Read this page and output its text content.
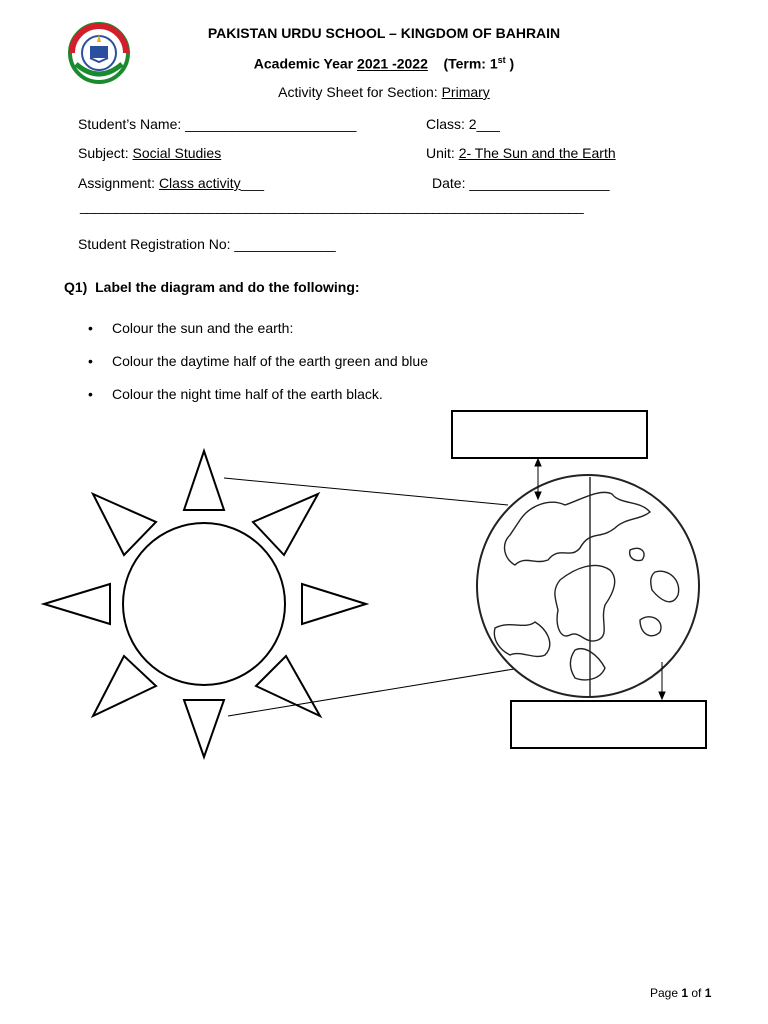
PAKISTAN URDU SCHOOL – KINGDOM OF BAHRAIN
Academic Year 2021 -2022 (Term: 1st )
Activity Sheet for Section: Primary
Student’s Name: ______________________	Class: 2___
Subject: Social Studies	Unit: 2- The Sun and the Earth
Assignment: Class activity___	Date: __________________
______________________________________________________________________
Student Registration No: _____________
Q1) Label the diagram and do the following:
• Colour the sun and the earth:
• Colour the daytime half of the earth green and blue
• Colour the night time half of the earth black.
Page 1 of 1
